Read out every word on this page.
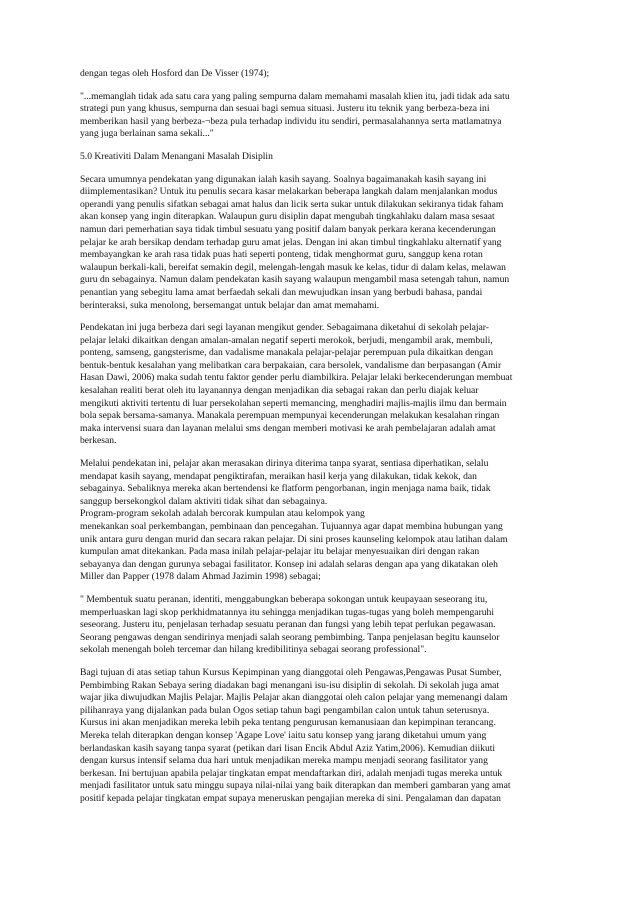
dengan tegas oleh Hosford dan De Visser (1974);

"...memanglah tidak ada satu cara yang paling sempurna dalam memahami masalah klien itu, jadi tidak ada satu
strategi pun yang khusus, sempurna dan sesuai bagi semua situasi. Justeru itu teknik yang berbeza-beza ini
memberikan hasil yang berbeza-¬beza pula terhadap individu itu sendiri, permasalahannya serta matlamatnya
yang juga berlainan sama sekali..."

5.0 Kreativiti Dalam Menangani Masalah Disiplin

Secara umumnya pendekatan yang digunakan ialah kasih sayang. Soalnya bagaimanakah kasih sayang ini
diimplementasikan? Untuk itu penulis secara kasar melakarkan beberapa langkah dalam menjalankan modus
operandi yang penulis sifatkan sebagai amat halus dan licik serta sukar untuk dilakukan sekiranya tidak faham
akan konsep yang ingin diterapkan. Walaupun guru disiplin dapat mengubah tingkahlaku dalam masa sesaat
namun dari pemerhatian saya tidak timbul sesuatu yang positif dalam banyak perkara kerana kecenderungan
pelajar ke arah bersikap dendam terhadap guru amat jelas. Dengan ini akan timbul tingkahlaku alternatif yang
membayangkan ke arah rasa tidak puas hati seperti ponteng, tidak menghormat guru, sanggup kena rotan
walaupun berkali-kali, bereifat semakin degil, melengah-lengah masuk ke kelas, tidur di dalam kelas, melawan
guru dn sebagainya. Namun dalam pendekatan kasih sayang walaupun mengambil masa setengah tahun, namun
penantian yang sebegitu lama amat berfaedah sekali dan mewujudkan insan yang berbudi bahasa, pandai
berinteraksi, suka menolong, bersemangat untuk belajar dan amat memahami.

Pendekatan ini juga berbeza dari segi layanan mengikut gender. Sebagaimana diketahui di sekolah pelajar-
pelajar lelaki dikaitkan dengan amalan-amalan negatif seperti merokok, berjudi, mengambil arak, membuli,
ponteng, samseng, gangsterisme, dan vadalisme manakala pelajar-pelajar perempuan pula dikaitkan dengan
bentuk-bentuk kesalahan yang melibatkan cara berpakaian, cara bersolek, vandalisme dan berpasangan (Amir
Hasan Dawi, 2006) maka sudah tentu faktor gender perlu diambilkira. Pelajar lelaki berkecenderungan membuat
kesalahan realiti berat oleh itu layanannya dengan menjadikan dia sebagai rakan dan perlu diajak keluar
mengikuti aktiviti tertentu di luar persekolahan seperti memancing, menghadiri majlis-majlis ilmu dan bermain
bola sepak bersama-samanya. Manakala perempuan mempunyai kecenderungan melakukan kesalahan ringan
maka intervensi suara dan layanan melalui sms dengan memberi motivasi ke arah pembelajaran adalah amat
berkesan.

Melalui pendekatan ini, pelajar akan merasakan dirinya diterima tanpa syarat, sentiasa diperhatikan, selalu
mendapat kasih sayang, mendapat pengiktirafan, meraikan hasil kerja yang dilakukan, tidak kekok, dan
sebagainya. Sebaliknya mereka akan bertendensi ke flatform pengorbanan, ingin menjaga nama baik, tidak
sanggup bersekongkol dalam aktiviti tidak sihat dan sebagainya.
Program-program sekolah adalah bercorak kumpulan atau kelompok yang
menekankan soal perkembangan, pembinaan dan pencegahan. Tujuannya agar dapat membina hubungan yang
unik antara guru dengan murid dan secara rakan pelajar. Di sini proses kaunseling kelompok atau latihan dalam
kumpulan amat ditekankan. Pada masa inilah pelajar-pelajar itu belajar menyesuaikan diri dengan rakan
sebayanya dan dengan gurunya sebagai fasilitator. Konsep ini adalah selaras dengan apa yang dikatakan oleh
Miller dan Papper (1978 dalam Ahmad Jazimin 1998) sebagai;

" Membentuk suatu peranan, identiti, menggabungkan beberapa sokongan untuk keupayaan seseorang itu,
memperluaskan lagi skop perkhidmatannya itu sehingga menjadikan tugas-tugas yang boleh mempengaruhi
seseorang. Justeru itu, penjelasan terhadap sesuatu peranan dan fungsi yang lebih tepat perlukan pegawasan.
Seorang pengawas dengan sendirinya menjadi salah seorang pembimbing. Tanpa penjelasan begitu kaunselor
sekolah menengah boleh tercemar dan hilang kredibilitinya sebagai seorang professional".

Bagi tujuan di atas setiap tahun Kursus Kepimpinan yang dianggotai oleh Pengawas,Pengawas Pusat Sumber,
Pembimbing Rakan Sebaya sering diadakan bagi menangani isu-isu disiplin di sekolah. Di sekolah juga amat
wajar jika diwujudkan Majlis Pelajar. Majlis Pelajar akan dianggotai oleh calon pelajar yang memenangi dalam
pilihanraya yang dijalankan pada bulan Ogos setiap tahun bagi pengambilan calon untuk tahun seterusnya.
Kursus ini akan menjadikan mereka lebih peka tentang pengurusan kemanusiaan dan kepimpinan terancang.
Mereka telah diterapkan dengan konsep 'Agape Love' iaitu satu konsep yang jarang diketahui umum yang
berlandaskan kasih sayang tanpa syarat (petikan dari lisan Encik Abdul Aziz Yatim,2006). Kemudian diikuti
dengan kursus intensif selama dua hari untuk menjadikan mereka mampu menjadi seorang fasilitator yang
berkesan. Ini bertujuan apabila pelajar tingkatan empat mendaftarkan diri, adalah menjadi tugas mereka untuk
menjadi fasilitator untuk satu minggu supaya nilai-nilai yang baik diterapkan dan memberi gambaran yang amat
positif kepada pelajar tingkatan empat supaya meneruskan pengajian mereka di sini. Pengalaman dan dapatan
